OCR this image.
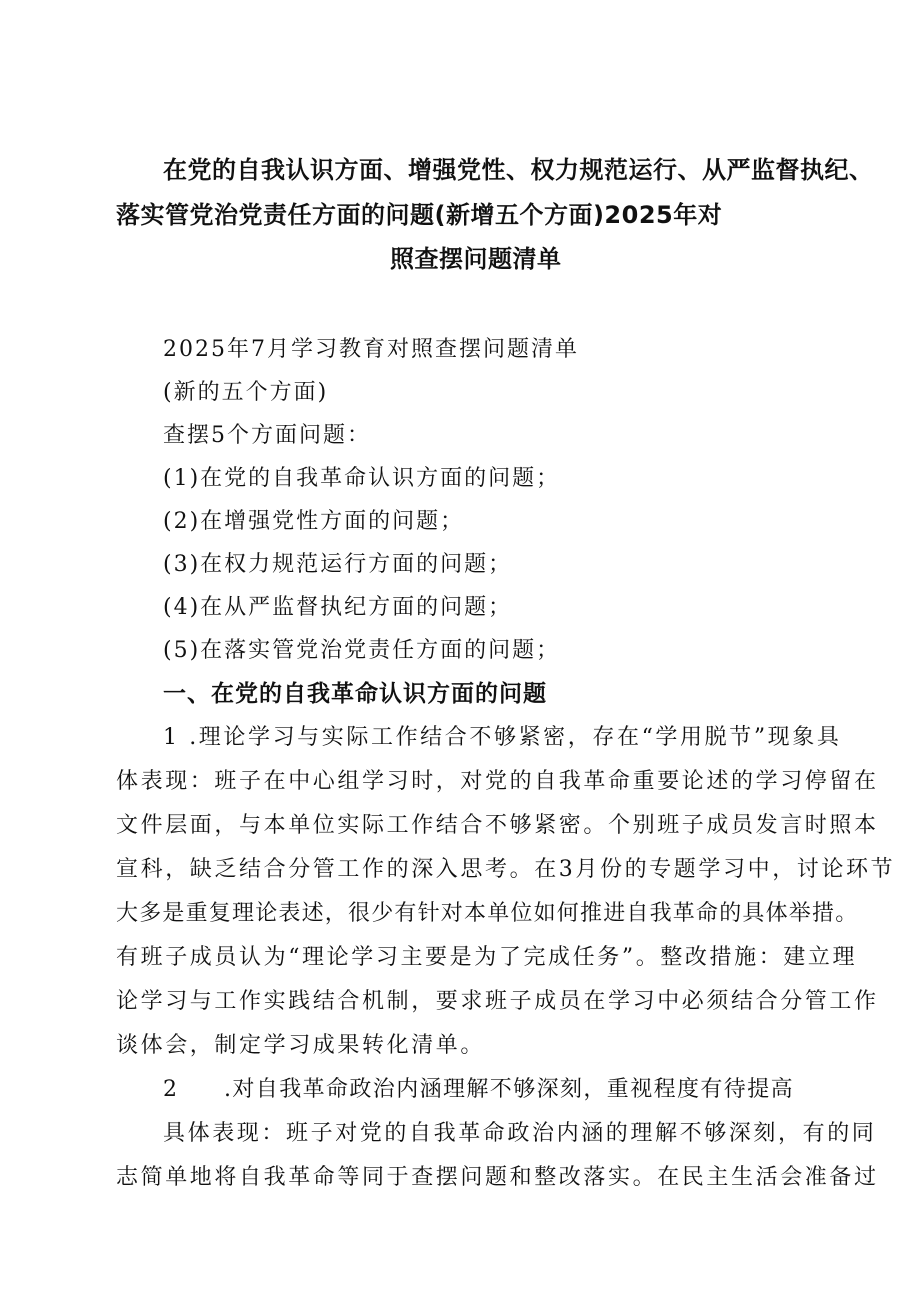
在党的自我认识方面、增强党性、权力规范运行、从严监督执纪、
落实管党治党责任方面的问题(新增五个方面)2025年对
照查摆问题清单
2025年7月学习教育对照查摆问题清单
(新的五个方面)
查摆5个方面问题：
(1)在党的自我革命认识方面的问题；
(2)在增强党性方面的问题；
(3)在权力规范运行方面的问题；
(4)在从严监督执纪方面的问题；
(5)在落实管党治党责任方面的问题；
一、在党的自我革命认识方面的问题
1 .理论学习与实际工作结合不够紧密，存在“学用脱节”现象具
体表现：班子在中心组学习时，对党的自我革命重要论述的学习停留在
文件层面，与本单位实际工作结合不够紧密。个别班子成员发言时照本
宣科，缺乏结合分管工作的深入思考。在3月份的专题学习中，讨论环节
大多是重复理论表述，很少有针对本单位如何推进自我革命的具体举措。
有班子成员认为“理论学习主要是为了完成任务”。整改措施：建立理
论学习与工作实践结合机制，要求班子成员在学习中必须结合分管工作
谈体会，制定学习成果转化清单。
2 .对自我革命政治内涵理解不够深刻，重视程度有待提高
具体表现：班子对党的自我革命政治内涵的理解不够深刻，有的同
志简单地将自我革命等同于查摆问题和整改落实。在民主生活会准备过
